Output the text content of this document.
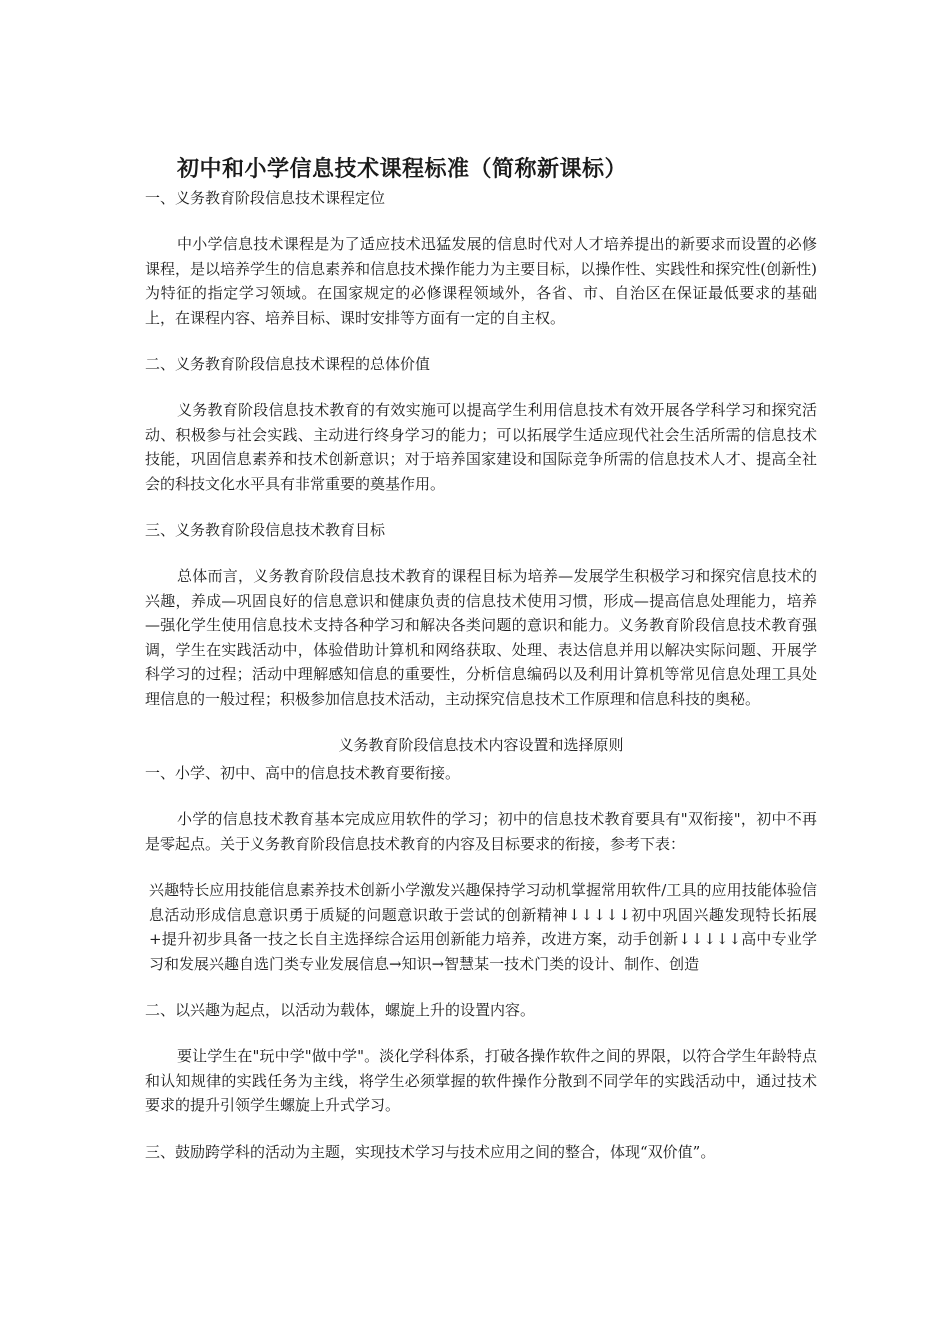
初中和小学信息技术课程标准（简称新课标）

一、义务教育阶段信息技术课程定位

中小学信息技术课程是为了适应技术迅猛发展的信息时代对人才培养提出的新要求而设置的必修课程，是以培养学生的信息素养和信息技术操作能力为主要目标，以操作性、实践性和探究性(创新性)为特征的指定学习领域。在国家规定的必修课程领域外，各省、市、自治区在保证最低要求的基础上，在课程内容、培养目标、课时安排等方面有一定的自主权。

二、义务教育阶段信息技术课程的总体价值

义务教育阶段信息技术教育的有效实施可以提高学生利用信息技术有效开展各学科学习和探究活动、积极参与社会实践、主动进行终身学习的能力；可以拓展学生适应现代社会生活所需的信息技术技能，巩固信息素养和技术创新意识；对于培养国家建设和国际竞争所需的信息技术人才、提高全社会的科技文化水平具有非常重要的奠基作用。

三、义务教育阶段信息技术教育目标

总体而言，义务教育阶段信息技术教育的课程目标为培养—发展学生积极学习和探究信息技术的兴趣，养成—巩固良好的信息意识和健康负责的信息技术使用习惯，形成—提高信息处理能力，培养—强化学生使用信息技术支持各种学习和解决各类问题的意识和能力。义务教育阶段信息技术教育强调，学生在实践活动中，体验借助计算机和网络获取、处理、表达信息并用以解决实际问题、开展学科学习的过程；活动中理解感知信息的重要性，分析信息编码以及利用计算机等常见信息处理工具处理信息的一般过程；积极参加信息技术活动，主动探究信息技术工作原理和信息科技的奥秘。

义务教育阶段信息技术内容设置和选择原则

一、小学、初中、高中的信息技术教育要衔接。

小学的信息技术教育基本完成应用软件的学习；初中的信息技术教育要具有"双衔接"，初中不再是零起点。关于义务教育阶段信息技术教育的内容及目标要求的衔接，参考下表：

兴趣特长应用技能信息素养技术创新小学激发兴趣保持学习动机掌握常用软件/工具的应用技能体验信息活动形成信息意识勇于质疑的问题意识敢于尝试的创新精神↓↓↓↓↓初中巩固兴趣发现特长拓展+提升初步具备一技之长自主选择综合运用创新能力培养，改进方案，动手创新↓↓↓↓↓高中专业学习和发展兴趣自选门类专业发展信息→知识→智慧某一技术门类的设计、制作、创造

二、以兴趣为起点，以活动为载体，螺旋上升的设置内容。

要让学生在"玩中学"做中学"。淡化学科体系，打破各操作软件之间的界限，以符合学生年龄特点和认知规律的实践任务为主线，将学生必须掌握的软件操作分散到不同学年的实践活动中，通过技术要求的提升引领学生螺旋上升式学习。

三、鼓励跨学科的活动为主题，实现技术学习与技术应用之间的整合，体现“双价值”。
